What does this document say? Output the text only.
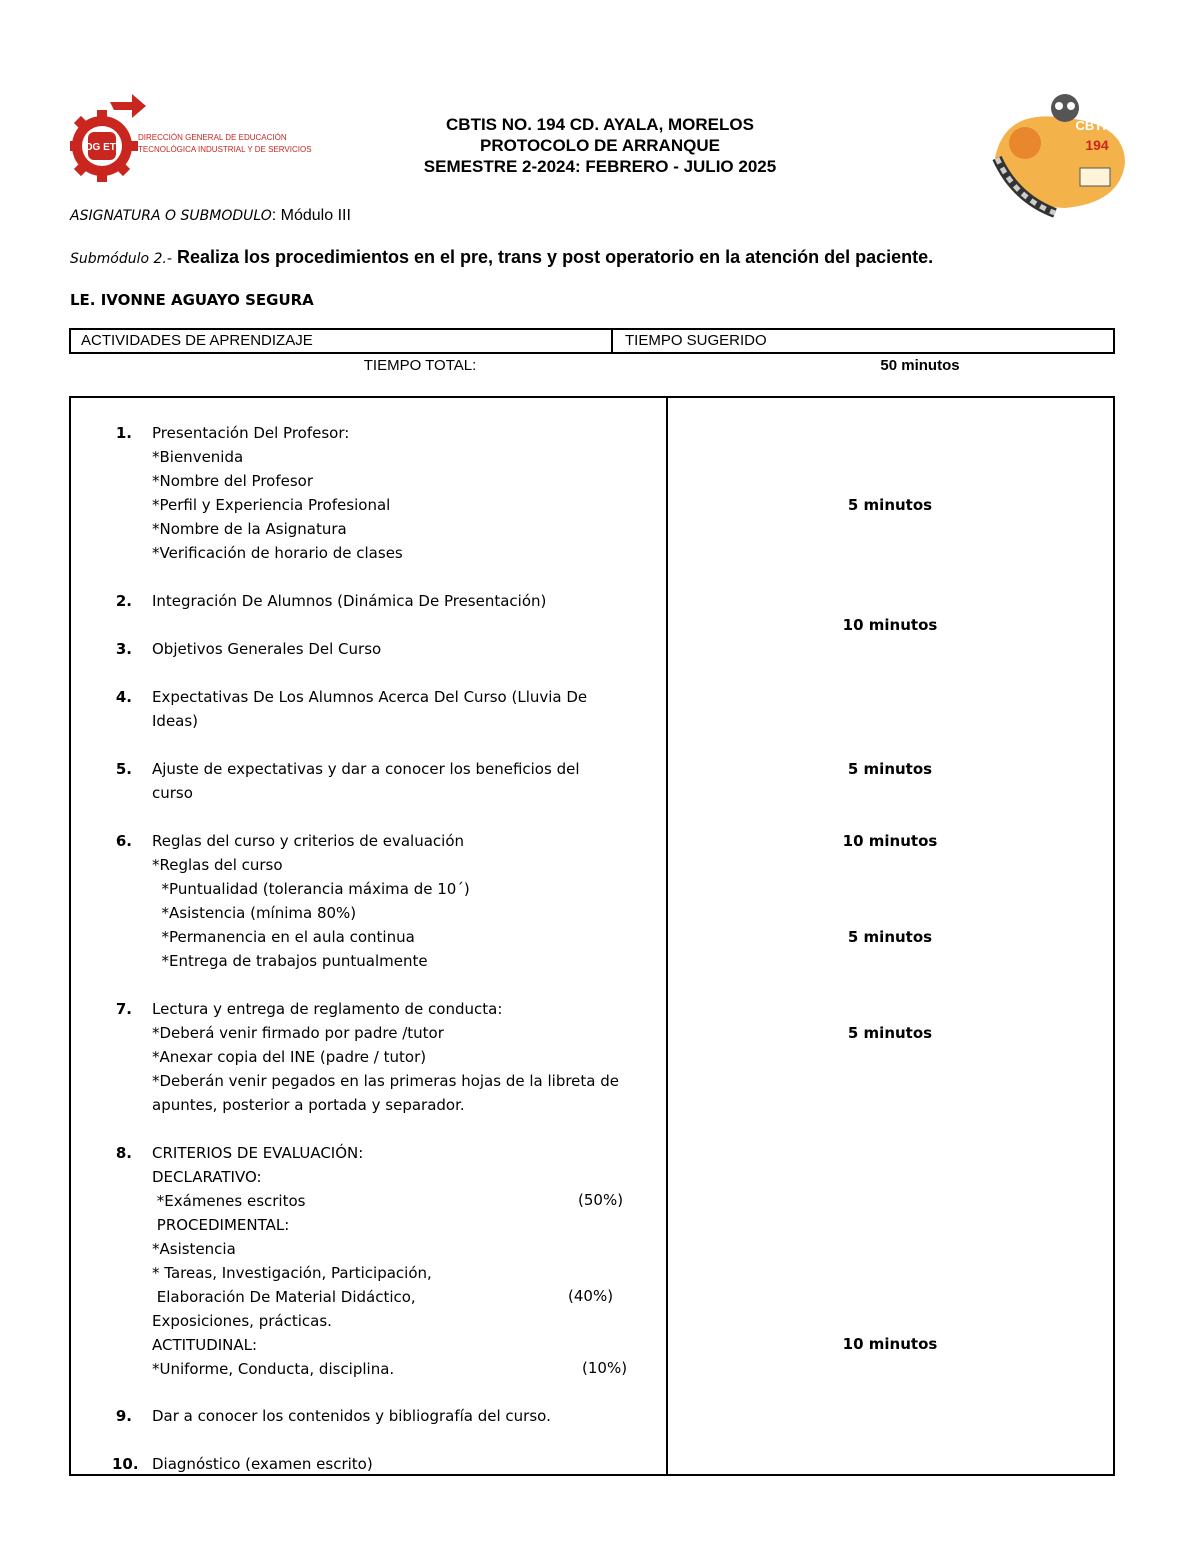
DG ETI
DIRECCIÓN GENERAL DE EDUCACIÓN
TECNOLÓGICA INDUSTRIAL Y DE SERVICIOS
CBTIS
194
CBTIS NO. 194 CD. AYALA, MORELOS
PROTOCOLO DE ARRANQUE
SEMESTRE 2-2024: FEBRERO - JULIO 2025
ASIGNATURA O SUBMODULO: Módulo III
Submódulo 2.- Realiza los procedimientos en el pre, trans y post operatorio en la atención del paciente.
LE. IVONNE AGUAYO SEGURA
ACTIVIDADES DE APRENDIZAJE	TIEMPO SUGERIDO
TIEMPO TOTAL:	50 minutos
1. Presentación Del Profesor:
*Bienvenida
*Nombre del Profesor
*Perfil y Experiencia Profesional
*Nombre de la Asignatura
*Verificación de horario de clases
2. Integración De Alumnos (Dinámica De Presentación)
3. Objetivos Generales Del Curso
4. Expectativas De Los Alumnos Acerca Del Curso (Lluvia De
Ideas)
5. Ajuste de expectativas y dar a conocer los beneficios del
curso
6. Reglas del curso y criterios de evaluación
*Reglas del curso
*Puntualidad (tolerancia máxima de 10´)
*Asistencia (mínima 80%)
*Permanencia en el aula continua
*Entrega de trabajos puntualmente
7. Lectura y entrega de reglamento de conducta:
*Deberá venir firmado por padre /tutor
*Anexar copia del INE (padre / tutor)
*Deberán venir pegados en las primeras hojas de la libreta de
apuntes, posterior a portada y separador.
8. CRITERIOS DE EVALUACIÓN:
DECLARATIVO:
*Exámenes escritos
PROCEDIMENTAL:
*Asistencia
* Tareas, Investigación, Participación,
Elaboración De Material Didáctico,
Exposiciones, prácticas.
ACTITUDINAL:
*Uniforme, Conducta, disciplina.
9. Dar a conocer los contenidos y bibliografía del curso.
10. Diagnóstico (examen escrito)
(50%)
(40%)
(10%)
5 minutos
10 minutos
5 minutos
10 minutos
5 minutos
5 minutos
10 minutos
